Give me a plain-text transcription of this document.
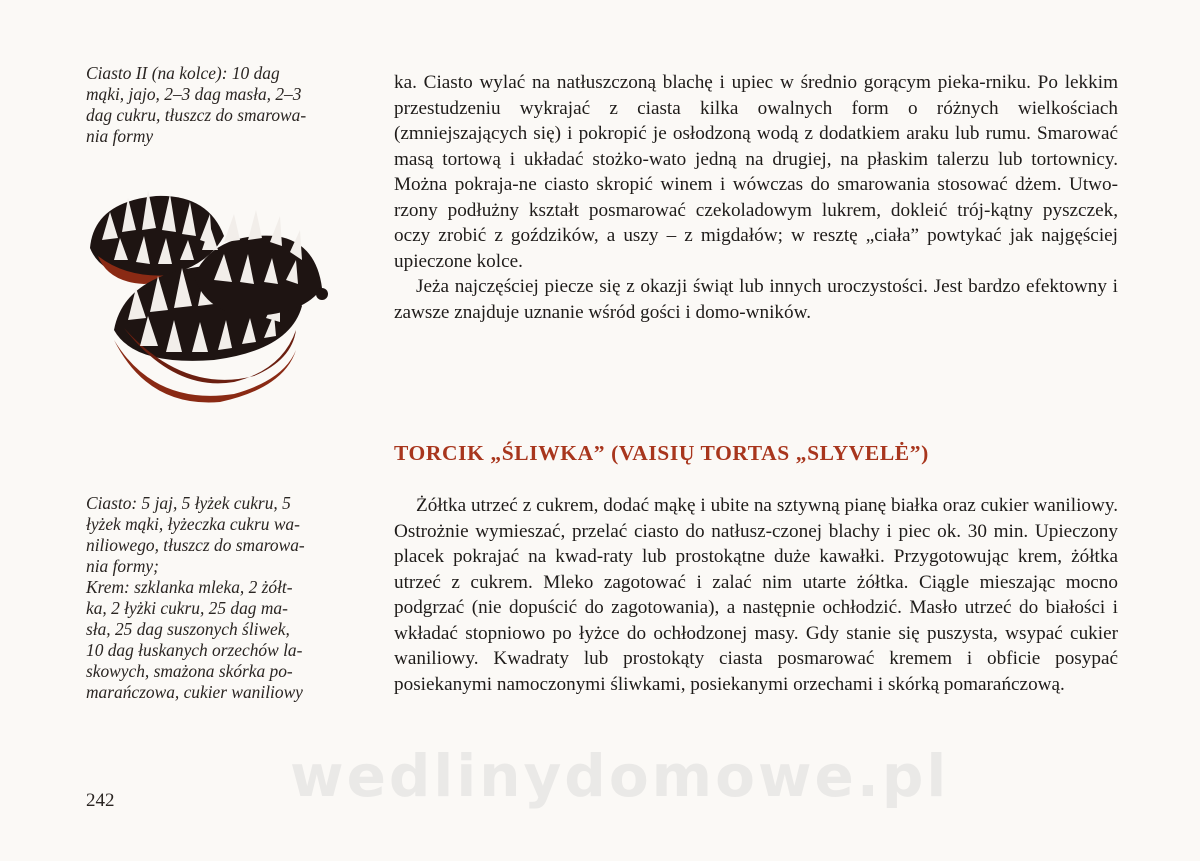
Ciasto II (na kolce): 10 dag
mąki, jajo, 2–3 dag masła, 2–3
dag cukru, tłuszcz do smarowa-
nia formy

Ciasto: 5 jaj, 5 łyżek cukru, 5
łyżek mąki, łyżeczka cukru wa-
niliowego, tłuszcz do smarowa-
nia formy;
Krem: szklanka mleka, 2 żółt-
ka, 2 łyżki cukru, 25 dag ma-
sła, 25 dag suszonych śliwek,
10 dag łuskanych orzechów la-
skowych, smażona skórka po-
marańczowa, cukier waniliowy

ka. Ciasto wylać na natłuszczoną blachę i upiec w średnio gorącym pieka-rniku. Po lekkim przestudzeniu wykrajać z ciasta kilka owalnych form o różnych wielkościach (zmniejszających się) i pokropić je osłodzoną wodą z dodatkiem araku lub rumu. Smarować masą tortową i układać stożko-wato jedną na drugiej, na płaskim talerzu lub tortownicy. Można pokraja-ne ciasto skropić winem i wówczas do smarowania stosować dżem. Utwo-rzony podłużny kształt posmarować czekoladowym lukrem, dokleić trój-kątny pyszczek, oczy zrobić z goździków, a uszy – z migdałów; w resztę „ciała” powtykać jak najgęściej upieczone kolce.

Jeża najczęściej piecze się z okazji świąt lub innych uroczystości. Jest bardzo efektowny i zawsze znajduje uznanie wśród gości i domo-wników.

TORCIK „ŚLIWKA” (VAISIŲ TORTAS „SLYVELĖ”)

Żółtka utrzeć z cukrem, dodać mąkę i ubite na sztywną pianę białka oraz cukier waniliowy. Ostrożnie wymieszać, przelać ciasto do natłusz-czonej blachy i piec ok. 30 min. Upieczony placek pokrajać na kwad-raty lub prostokątne duże kawałki. Przygotowując krem, żółtka utrzeć z cukrem. Mleko zagotować i zalać nim utarte żółtka. Ciągle mieszając mocno podgrzać (nie dopuścić do zagotowania), a następnie ochłodzić. Masło utrzeć do białości i wkładać stopniowo po łyżce do ochłodzonej masy. Gdy stanie się puszysta, wsypać cukier waniliowy. Kwadraty lub prostokąty ciasta posmarować kremem i obficie posypać posiekanymi namoczonymi śliwkami, posiekanymi orzechami i skórką pomarańczową.

wedlinydomowe.pl
242
